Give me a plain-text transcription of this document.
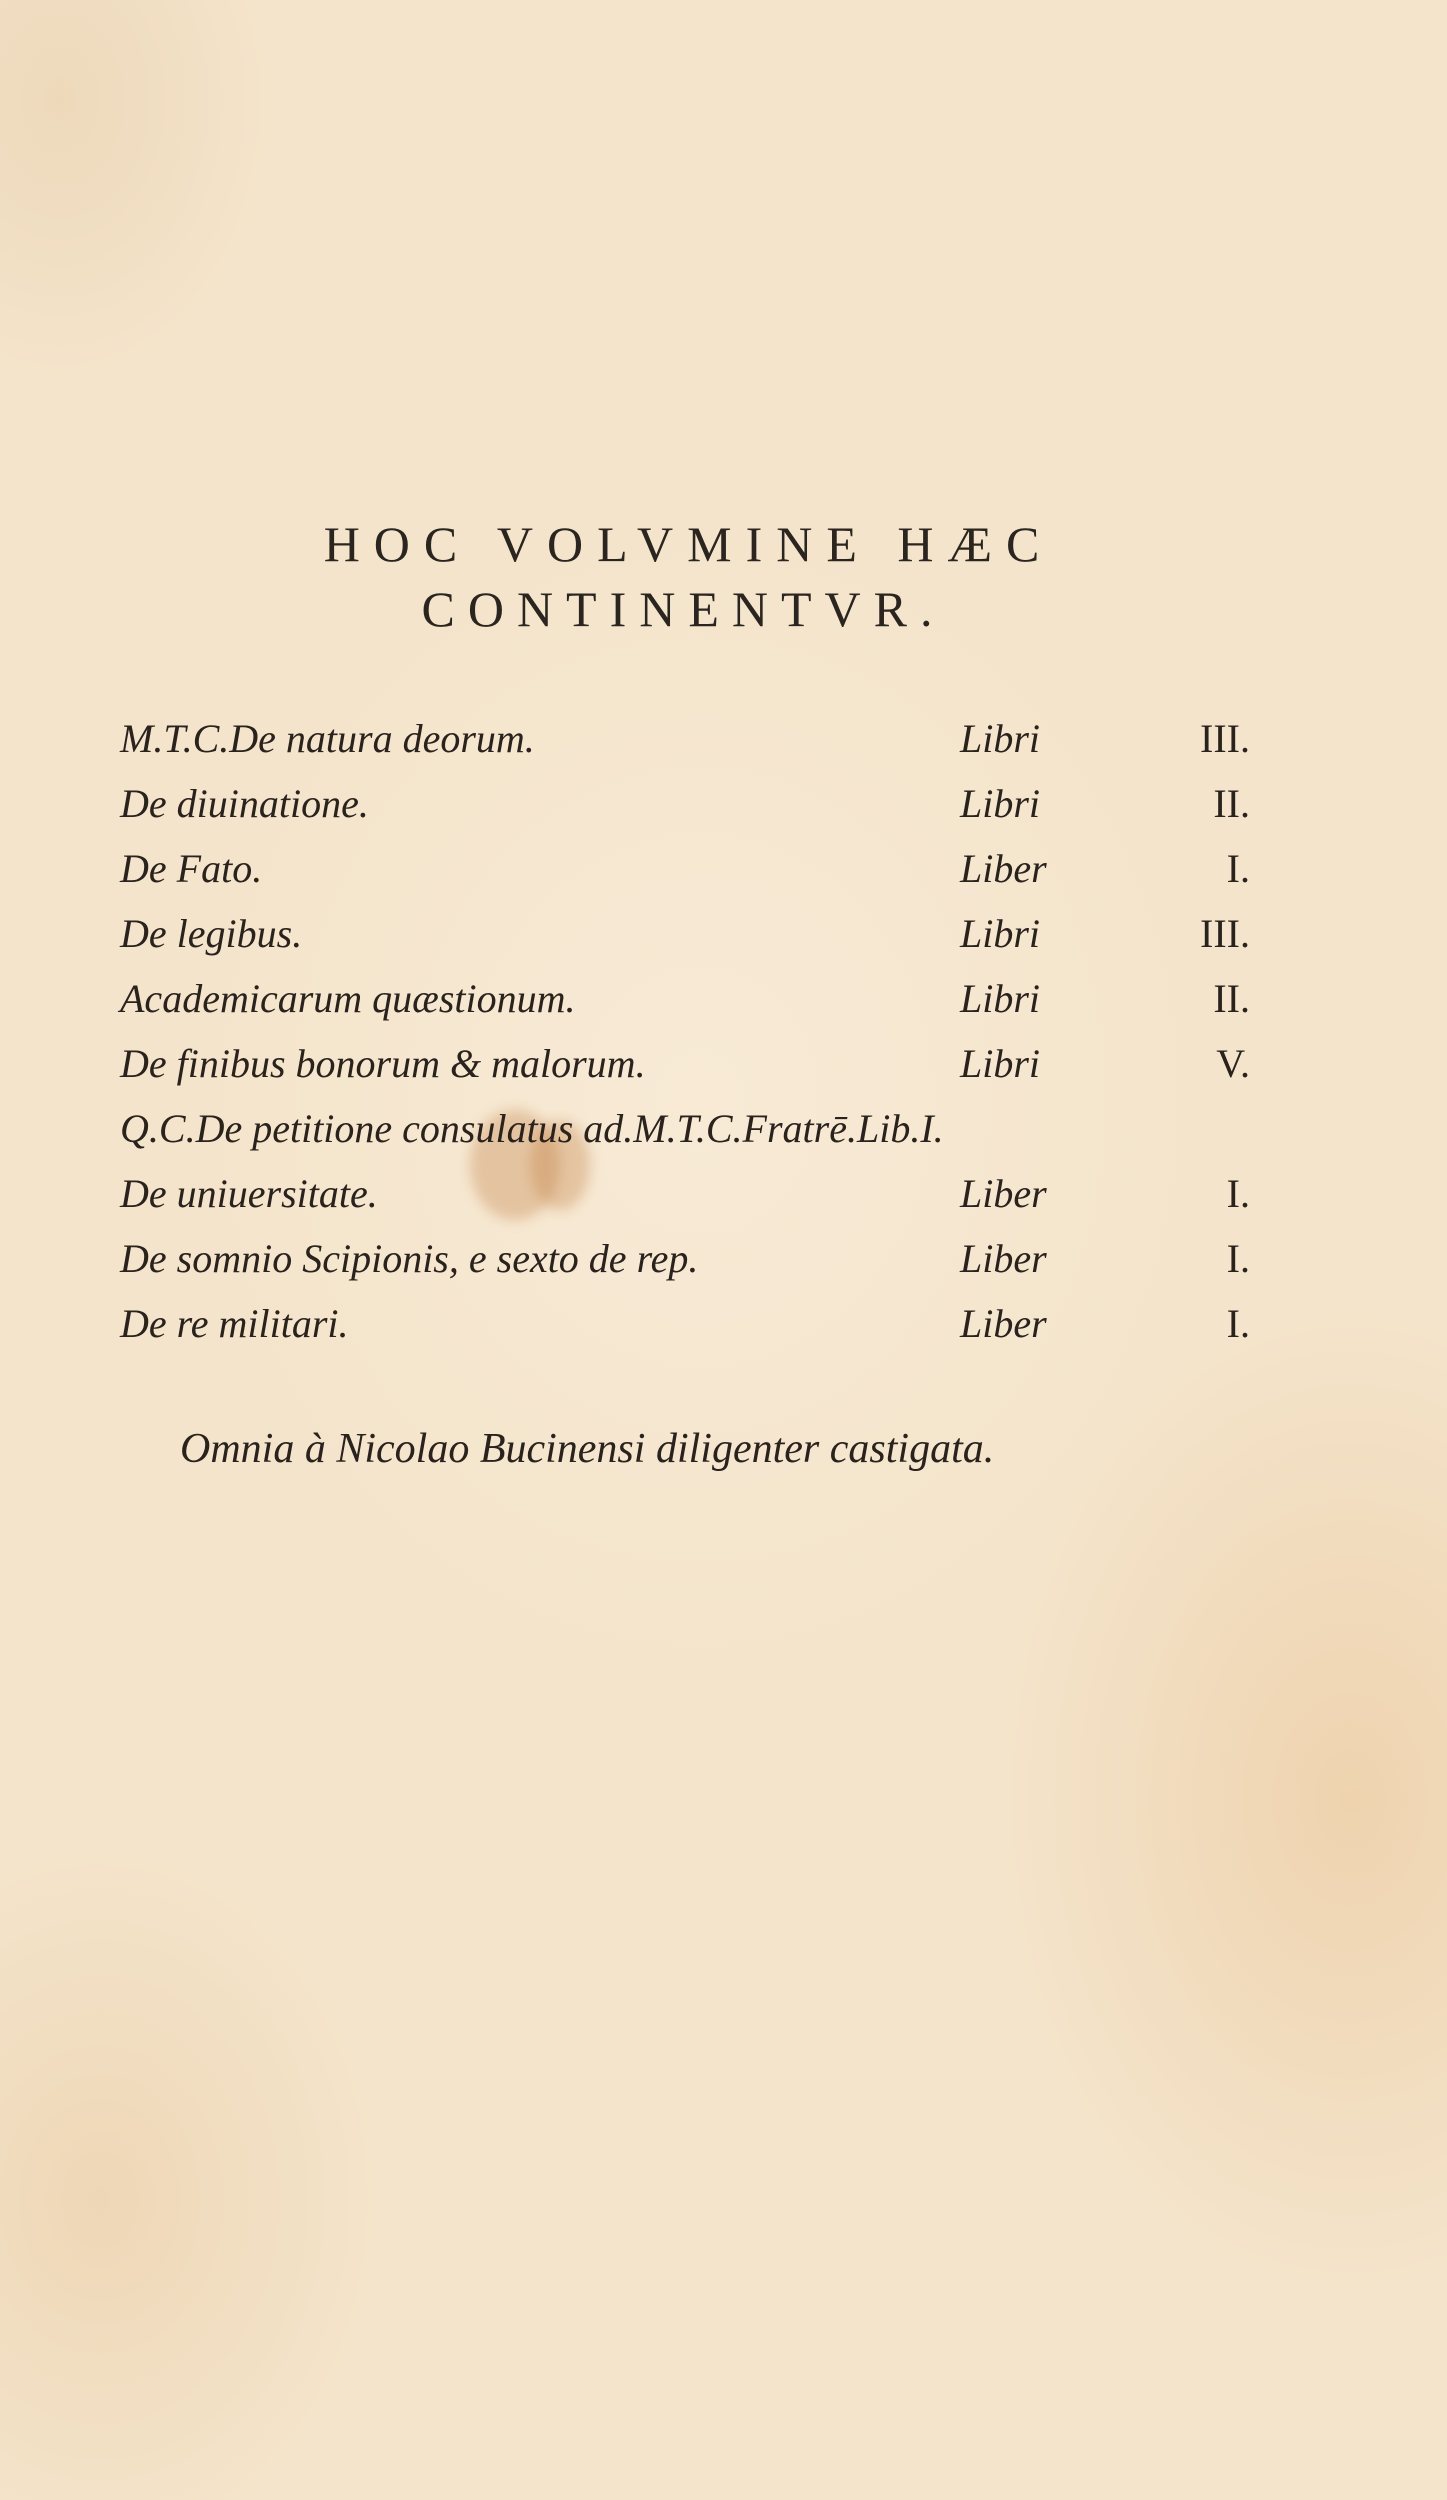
HOC VOLVMINE HÆC
CONTINENTVR.
M.T.C.De natura deorum.	Libri	III.
De diuinatione.	Libri	II.
De Fato.	Liber	I.
De legibus.	Libri	III.
Academicarum quæstionum.	Libri	II.
De finibus bonorum & malorum.	Libri	V.
Q.C.De petitione consulatus ad.M.T.C.Fratrē.Lib.I.
De uniuersitate.	Liber	I.
De somnio Scipionis, e sexto de rep.	Liber	I.
De re militari.	Liber	I.
Omnia à Nicolao Bucinensi diligenter castigata.
